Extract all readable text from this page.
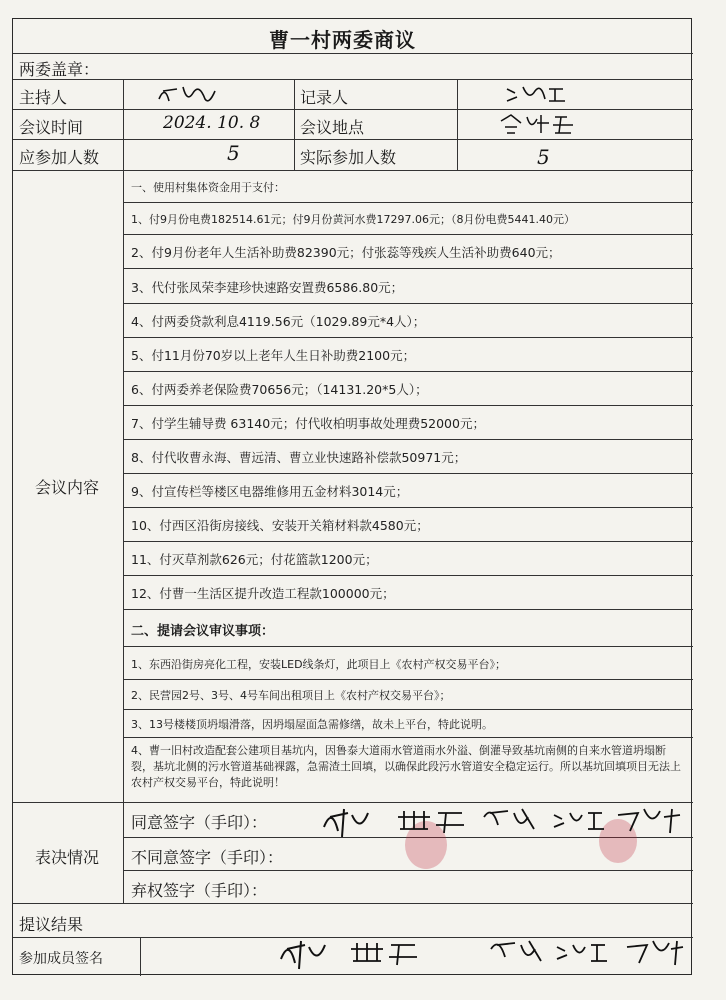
曹一村两委商议
两委盖章：
主持人	记录人
会议时间	2024. 10. 8 会议地点
应参加人数	5	实际参加人数	5
会议内容
一、使用村集体资金用于支付：
1、付9月份电费182514.61元；付9月份黄河水费17297.06元；（8月份电费5441.40元）
2、付9月份老年人生活补助费82390元；付张蕊等残疾人生活补助费640元；
3、代付张凤荣李建珍快速路安置费6586.80元；
4、付两委贷款利息4119.56元（1029.89元*4人）；
5、付11月份70岁以上老年人生日补助费2100元；
6、付两委养老保险费70656元；（14131.20*5人）；
7、付学生辅导费 63140元；付代收柏明事故处理费52000元；
8、付代收曹永海、曹远清、曹立业快速路补偿款50971元；
9、付宣传栏等楼区电器维修用五金材料3014元；
10、付西区沿街房接线、安装开关箱材料款4580元；
11、付灭草剂款626元；付花篮款1200元；
12、付曹一生活区提升改造工程款100000元；
二、提请会议审议事项：
1、东西沿街房亮化工程，安装LED线条灯，此项目上《农村产权交易平台》；
2、民营园2号、3号、4号车间出租项目上《农村产权交易平台》；
3、13号楼楼顶坍塌滑落，因坍塌屋面急需修缮，故未上平台，特此说明。
4、曹一旧村改造配套公建项目基坑内，因鲁泰大道雨水管道雨水外溢、倒灌导致基坑南侧的自来水管道坍塌断裂，基坑北侧的污水管道基础裸露，急需渣土回填，以确保此段污水管道安全稳定运行。所以基坑回填项目无法上农村产权交易平台，特此说明！
表决情况
同意签字（手印）：
不同意签字（手印）：
弃权签字（手印）：
提议结果
参加成员签名
